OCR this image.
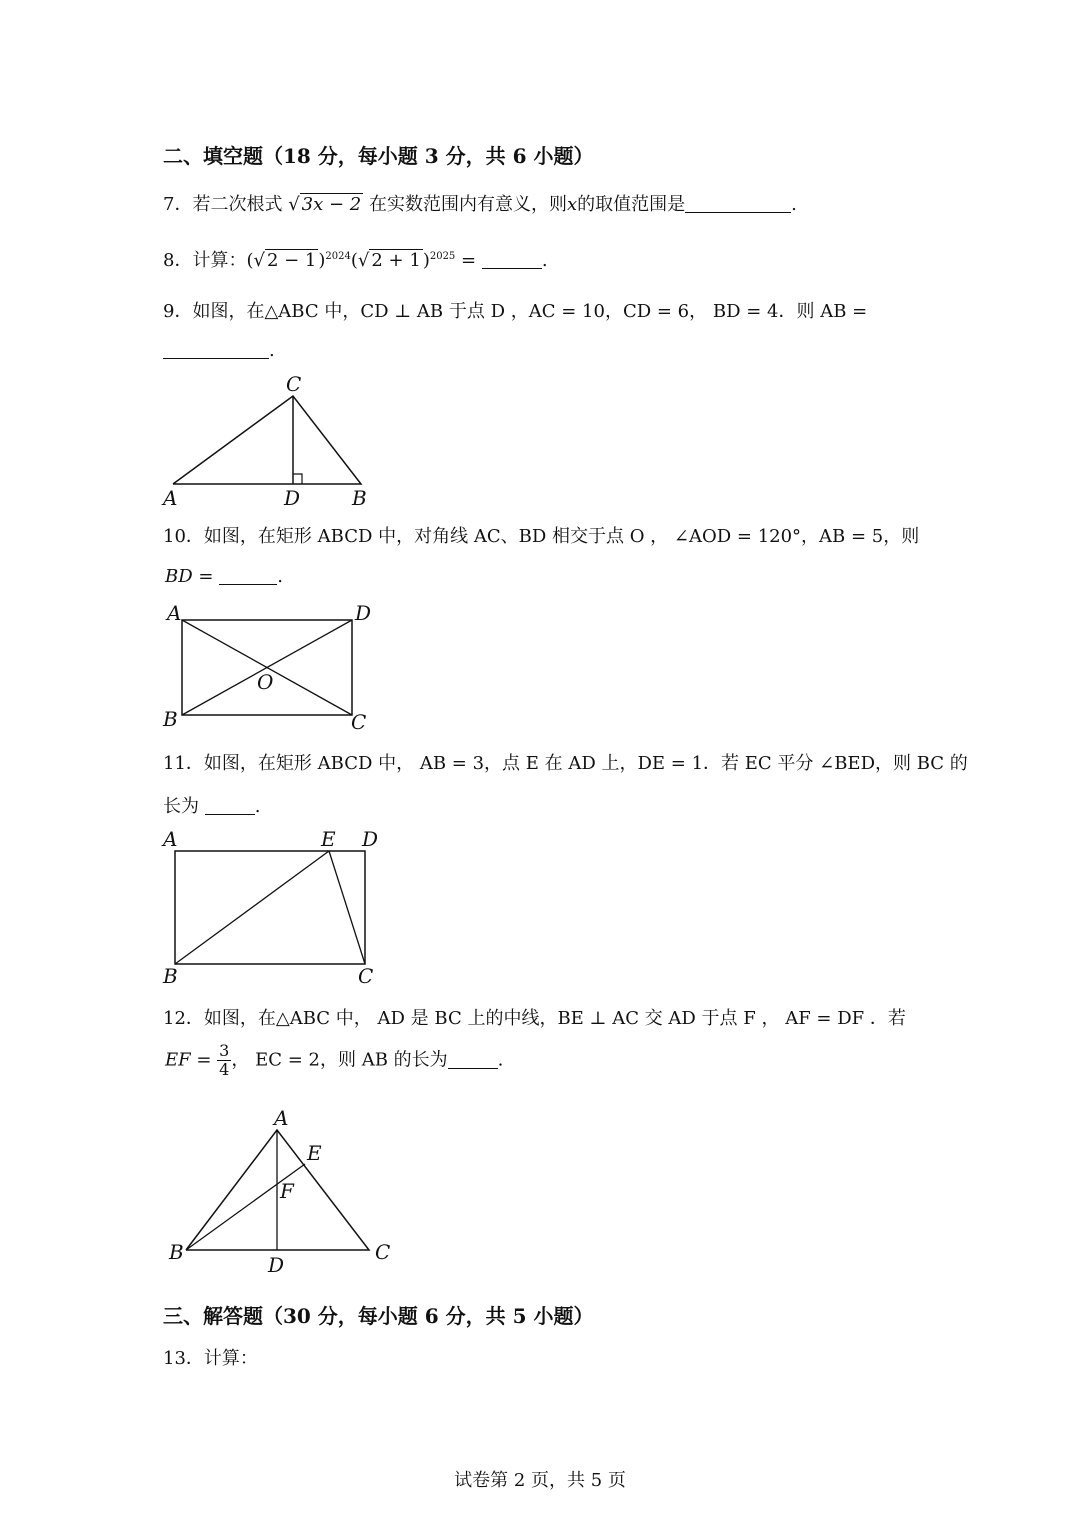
二、填空题（18 分，每小题 3 分，共 6 小题）
7．若二次根式 √ 3x − 2 在实数范围内有意义，则x的取值范围是	.
8．计算：(√ 2 − 1 )$^{2024}$(√ 2 + 1 )$^{2025}$ =	.
9．如图，在△ABC 中，CD ⊥ AB 于点 D ，AC = 10，CD = 6， BD = 4．则 AB =
.
C
A	D	B
10．如图，在矩形 ABCD 中，对角线 AC、BD 相交于点 O ， ∠AOD = 120°，AB = 5，则
BD =	.
A	D
O
B	C
11．如图，在矩形 ABCD 中， AB = 3，点 E 在 AD 上，DE = 1．若 EC 平分 ∠BED，则 BC 的
长为	.
A	E D
B	C
12．如图，在△ABC 中， AD 是 BC 上的中线，BE ⊥ AC 交 AD 于点 F ， AF = DF ．若
EF = $\frac{3}{4}$ ， EC = 2，则 AB 的长为	.
A
E
F
B	C
D
三、解答题（30 分，每小题 6 分，共 5 小题）
13．计算：
试卷第 2 页，共 5 页
